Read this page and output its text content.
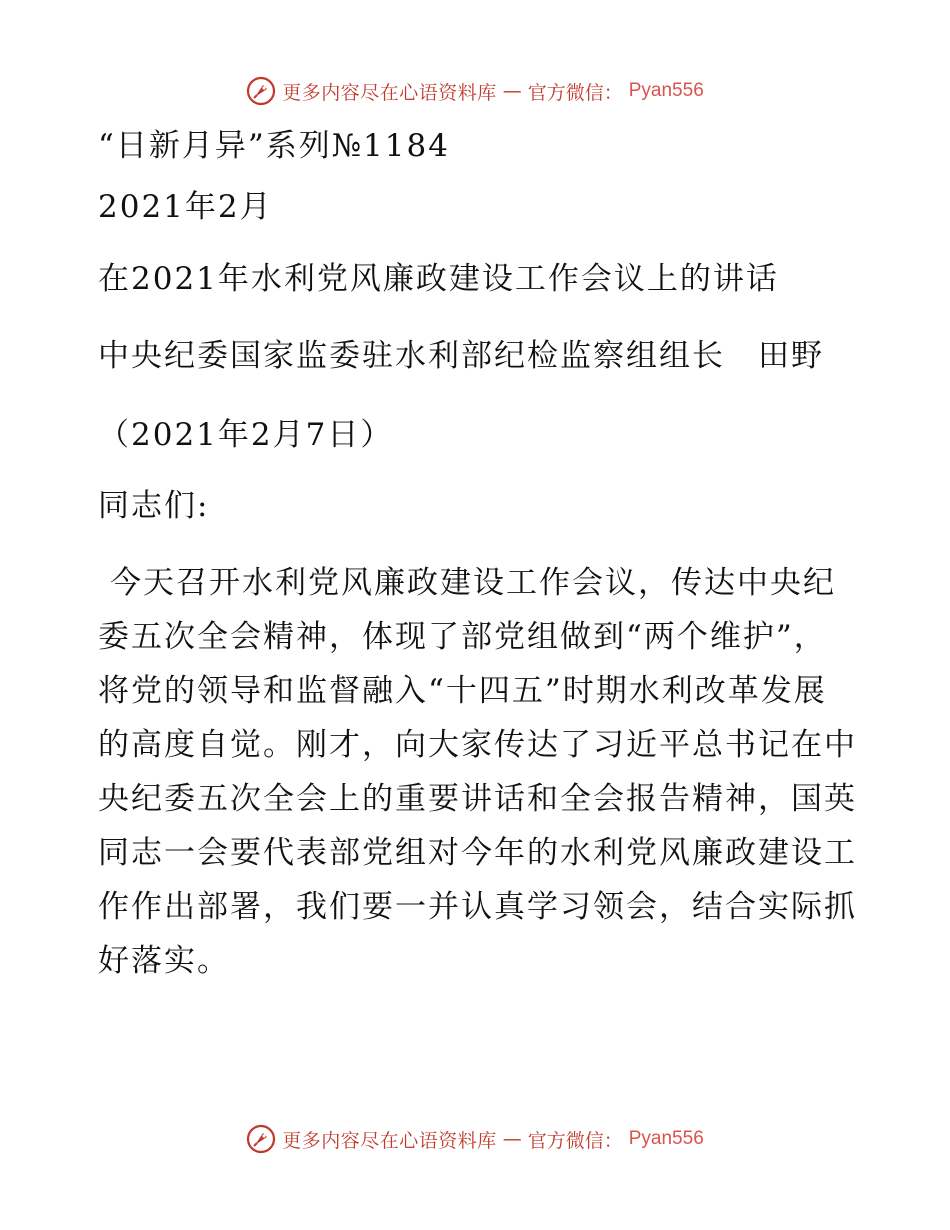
更多内容尽在心语资料库 — 官方微信： Pyan556

“日新月异”系列№1184

2021年2月

在2021年水利党风廉政建设工作会议上的讲话

中央纪委国家监委驻水利部纪检监察组组长　田野

（2021年2月7日）

同志们:

今天召开水利党风廉政建设工作会议，传达中央纪委五次全会精神，体现了部党组做到“两个维护”，将党的领导和监督融入“十四五”时期水利改革发展的高度自觉。刚才，向大家传达了习近平总书记在中央纪委五次全会上的重要讲话和全会报告精神，国英同志一会要代表部党组对今年的水利党风廉政建设工作作出部署，我们要一并认真学习领会，结合实际抓好落实。

更多内容尽在心语资料库 — 官方微信： Pyan556
